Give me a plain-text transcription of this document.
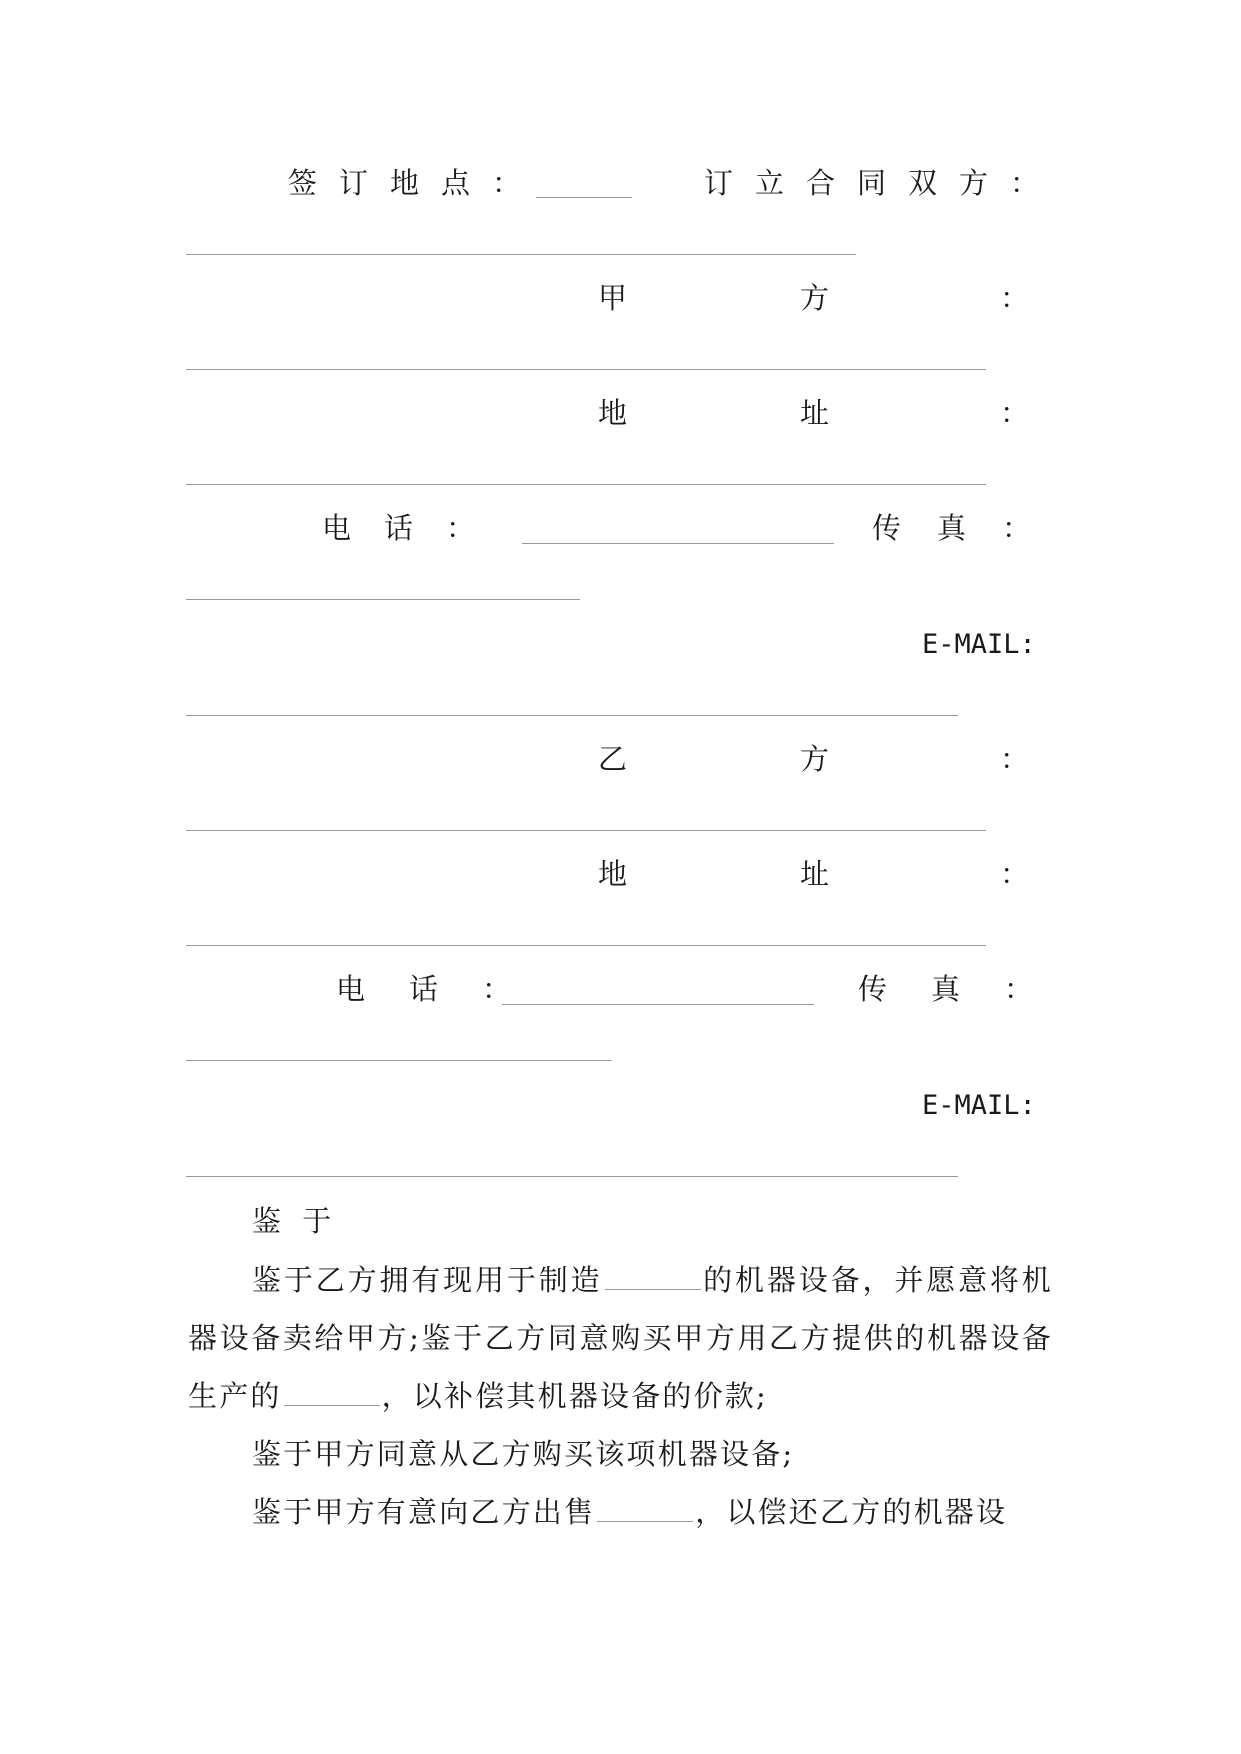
签订地点：	订立合同双方：
甲	方	：
地	址	：
电话：	传真：
E-MAIL:
乙	方	：
地	址	：
电话：	传真：
E-MAIL:
鉴 于
鉴于乙方拥有现用于制造	的机器设备，并愿意将机器设备卖给甲方;鉴于乙方同意购买甲方用乙方提供的机器设备生产的	，以补偿其机器设备的价款;
鉴于甲方同意从乙方购买该项机器设备;
鉴于甲方有意向乙方出售	，以偿还乙方的机器设
